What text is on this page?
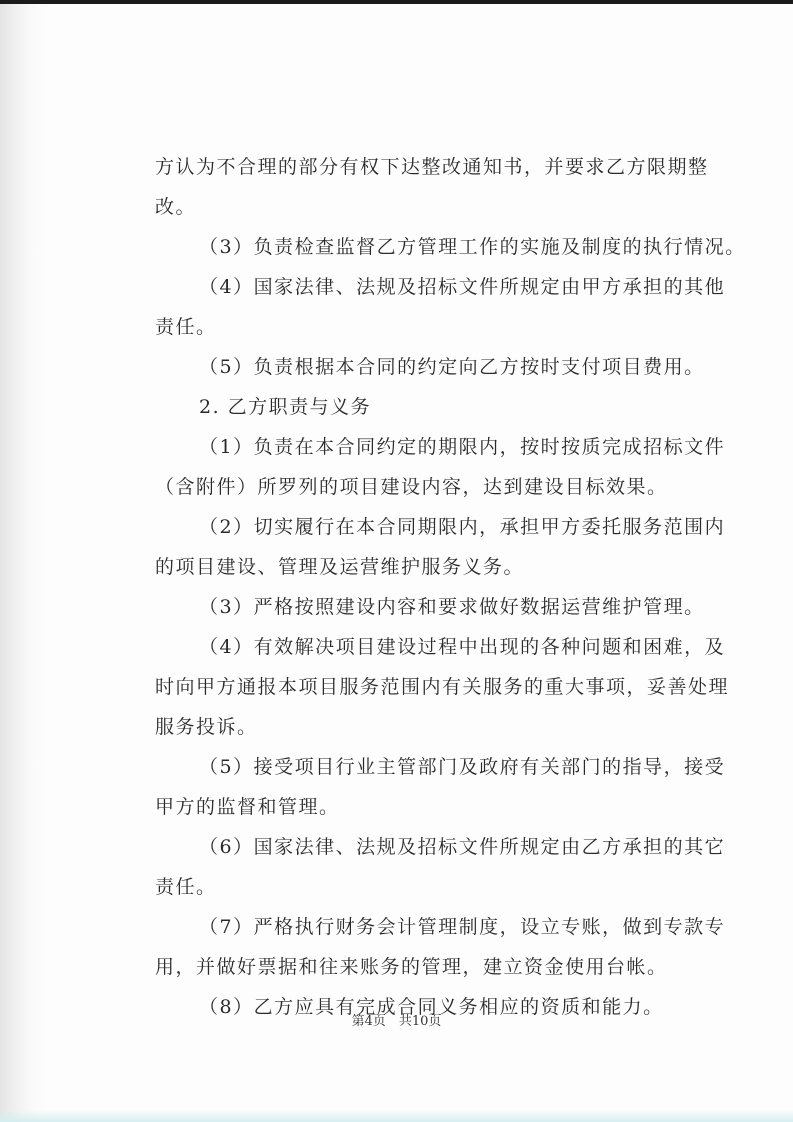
方认为不合理的部分有权下达整改通知书，并要求乙方限期整
改。
（3）负责检查监督乙方管理工作的实施及制度的执行情况。
（4）国家法律、法规及招标文件所规定由甲方承担的其他
责任。
（5）负责根据本合同的约定向乙方按时支付项目费用。
2. 乙方职责与义务
（1）负责在本合同约定的期限内，按时按质完成招标文件
（含附件）所罗列的项目建设内容，达到建设目标效果。
（2）切实履行在本合同期限内，承担甲方委托服务范围内
的项目建设、管理及运营维护服务义务。
（3）严格按照建设内容和要求做好数据运营维护管理。
（4）有效解决项目建设过程中出现的各种问题和困难，及
时向甲方通报本项目服务范围内有关服务的重大事项，妥善处理
服务投诉。
（5）接受项目行业主管部门及政府有关部门的指导，接受
甲方的监督和管理。
（6）国家法律、法规及招标文件所规定由乙方承担的其它
责任。
（7）严格执行财务会计管理制度，设立专账，做到专款专
用，并做好票据和往来账务的管理，建立资金使用台帐。
（8）乙方应具有完成合同义务相应的资质和能力。
第4页　共10页
